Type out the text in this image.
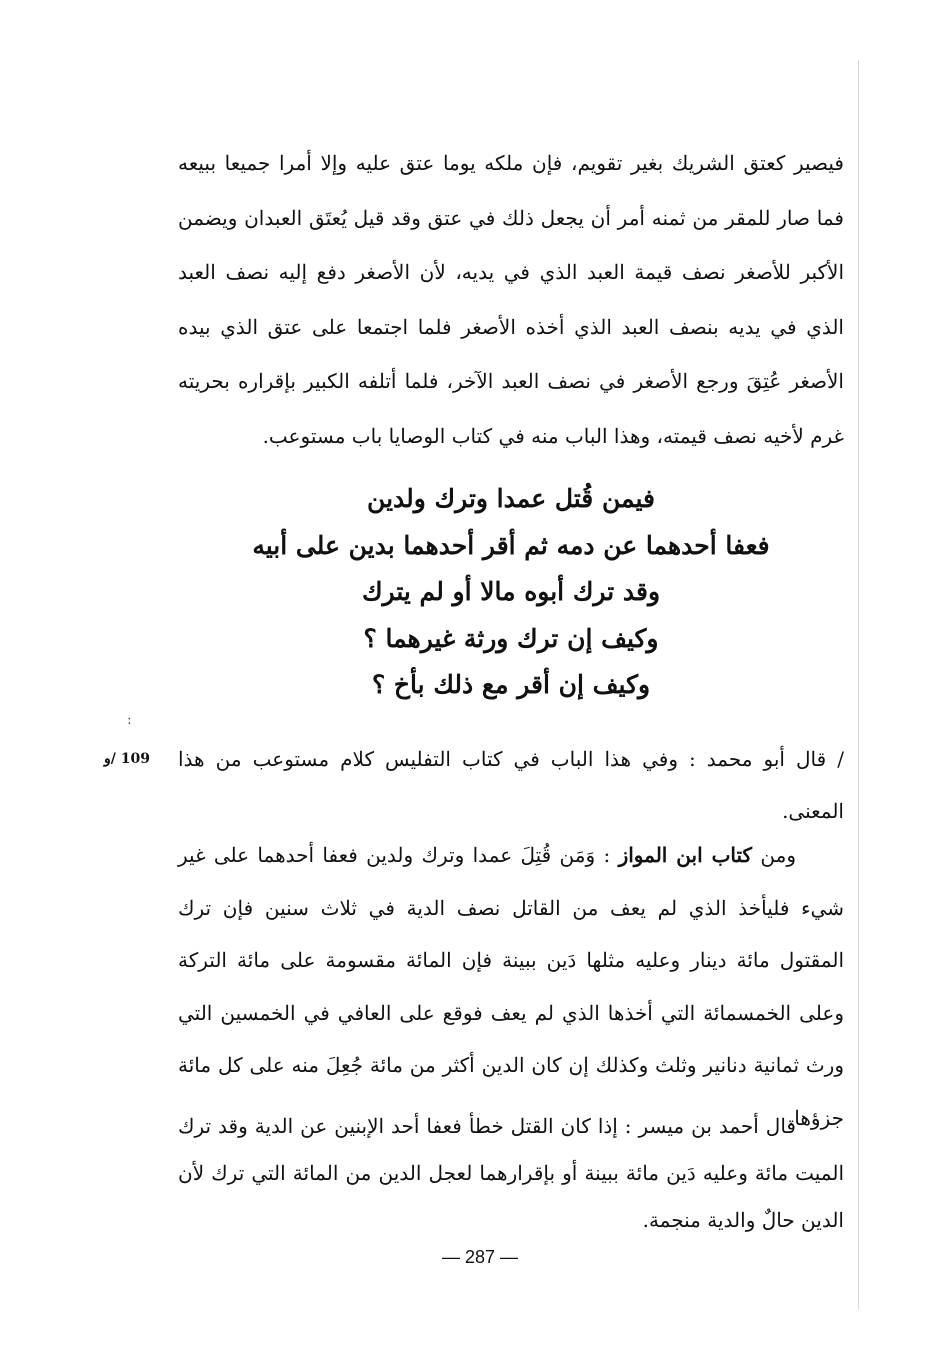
فيصير كعتق الشريك بغير تقويم، فإن ملكه يوما عتق عليه وإلا أمرا جميعا ببيعه فما صار للمقر من ثمنه أمر أن يجعل ذلك في عتق وقد قيل يُعتَق العبدان ويضمن الأكبر للأصغر نصف قيمة العبد الذي في يديه، لأن الأصغر دفع إليه نصف العبد الذي في يديه بنصف العبد الذي أخذه الأصغر فلما اجتمعا على عتق الذي بيده الأصغر عُتِقَ ورجع الأصغر في نصف العبد الآخر، فلما أتلفه الكبير بإقراره بحريته غرم لأخيه نصف قيمته، وهذا الباب منه في كتاب الوصايا باب مستوعب.

فيمن قُتل عمدا وترك ولدين
فعفا أحدهما عن دمه ثم أقر أحدهما بدين على أبيه
وقد ترك أبوه مالا أو لم يترك
وكيف إن ترك ورثة غيرهما ؟
وكيف إن أقر مع ذلك بأخ ؟
:
109 /و	/ قال أبو محمد : وفي هذا الباب في كتاب التفليس كلام مستوعب من هذا المعنى.

ومن كتاب ابن المواز : وَمَن قُتِلَ عمدا وترك ولدين فعفا أحدهما على غير شيء فليأخذ الذي لم يعف من القاتل نصف الدية في ثلاث سنين فإن ترك المقتول مائة دينار وعليه مثلها دَين ببينة فإن المائة مقسومة على مائة التركة وعلى الخمسمائة التي أخذها الذي لم يعف فوقع على العافي في الخمسين التي ورث ثمانية دنانير وثلث وكذلك إن كان الدين أكثر من مائة جُعِلَ منه على كل مائة جزؤها.

قال أحمد بن ميسر : إذا كان القتل خطأ فعفا أحد الإبنين عن الدية وقد ترك الميت مائة وعليه دَين مائة ببينة أو بإقرارهما لعجل الدين من المائة التي ترك لأن الدين حالٌ والدية منجمة.

— 287 —
